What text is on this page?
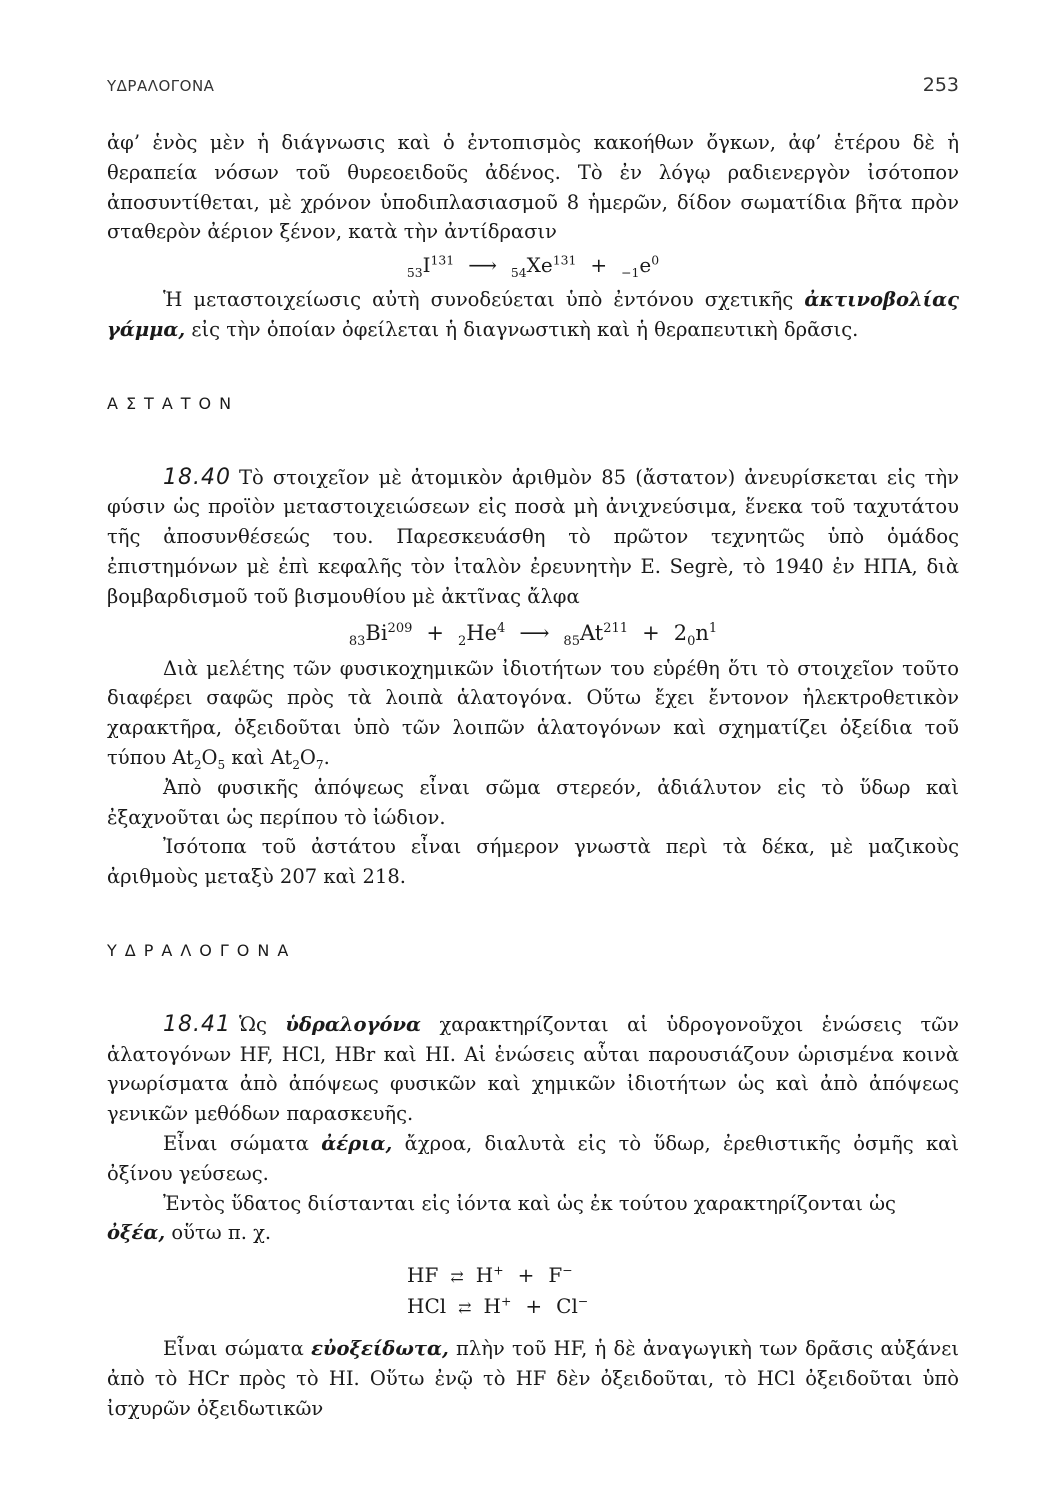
ΥΔΡΑΛΟΓΟΝΑ	253

ἀφ’ ἑνὸς μὲν ἡ διάγνωσις καὶ ὁ ἐντοπισμὸς κακοήθων ὄγκων, ἀφ’ ἑτέρου δὲ ἡ θεραπεία νόσων τοῦ θυρεοειδοῦς ἀδένος. Τὸ ἐν λόγῳ ραδιενεργὸν ἰσότοπον ἀποσυντίθεται, μὲ χρόνον ὑποδιπλασιασμοῦ 8 ἡμερῶν, δίδον σωματίδια βῆτα πρὸν σταθερὸν ἀέριον ξένον, κατὰ τὴν ἀντίδρασιν

$_{53}I^{131}$ ⟶ $_{54}Xe^{131} + _{-1}e^0$

Ἡ μεταστοιχείωσις αὐτὴ συνοδεύεται ὑπὸ ἐντόνου σχετικῆς ἀκτινοβολίας γάμμα, εἰς τὴν ὁποίαν ὀφείλεται ἡ διαγνωστικὴ καὶ ἡ θεραπευτικὴ δρᾶσις.

ΑΣΤΑΤΟΝ

18.40 Τὸ στοιχεῖον μὲ ἀτομικὸν ἀριθμὸν 85 (ἄστατον) ἀνευρίσκεται εἰς τὴν φύσιν ὡς προϊὸν μεταστοιχειώσεων εἰς ποσὰ μὴ ἀνιχνεύσιμα, ἕνεκα τοῦ ταχυτάτου τῆς ἀποσυνθέσεώς του. Παρεσκευάσθη τὸ πρῶτον τεχνητῶς ὑπὸ ὁμάδος ἐπιστημόνων μὲ ἐπὶ κεφαλῆς τὸν ἰταλὸν ἐρευνητὴν E. Segrè, τὸ 1940 ἐν ΗΠΑ, διὰ βομβαρδισμοῦ τοῦ βισμουθίου μὲ ἀκτῖνας ἄλφα

$_{83}Bi^{209} + _2He^4$ ⟶ $_{85}At^{211} + 2_0n^1$

Διὰ μελέτης τῶν φυσικοχημικῶν ἰδιοτήτων του εὑρέθη ὅτι τὸ στοιχεῖον τοῦτο διαφέρει σαφῶς πρὸς τὰ λοιπὰ ἁλατογόνα. Οὕτω ἔχει ἔντονον ἠλεκτροθετικὸν χαρακτῆρα, ὀξειδοῦται ὑπὸ τῶν λοιπῶν ἁλατογόνων καὶ σχηματίζει ὀξείδια τοῦ τύπου $At_2O_5$ καὶ $At_2O_7$.

Ἀπὸ φυσικῆς ἀπόψεως εἶναι σῶμα στερεόν, ἀδιάλυτον εἰς τὸ ὕδωρ καὶ ἐξαχνοῦται ὡς περίπου τὸ ἰώδιον.

Ἰσότοπα τοῦ ἀστάτου εἶναι σήμερον γνωστὰ περὶ τὰ δέκα, μὲ μαζικοὺς ἀριθμοὺς μεταξὺ 207 καὶ 218.

ΥΔΡΑΛΟΓΟΝΑ

18.41 Ὡς ὑδραλογόνα χαρακτηρίζονται αἱ ὑδρογονοῦχοι ἑνώσεις τῶν ἁλατογόνων HF, HCl, HBr καὶ HI. Αἱ ἑνώσεις αὗται παρουσιάζουν ὡρισμένα κοινὰ γνωρίσματα ἀπὸ ἀπόψεως φυσικῶν καὶ χημικῶν ἰδιοτήτων ὡς καὶ ἀπὸ ἀπόψεως γενικῶν μεθόδων παρασκευῆς.

Εἶναι σώματα ἀέρια, ἄχροα, διαλυτὰ εἰς τὸ ὕδωρ, ἐρεθιστικῆς ὀσμῆς καὶ ὀξίνου γεύσεως.

Ἐντὸς ὕδατος διίστανται εἰς ἰόντα καὶ ὡς ἐκ τούτου χαρακτηρίζονται ὡς

ὀξέα, οὕτω π. χ.

HF ⇄ H+ + F−

HCl ⇄ H+ + Cl−

Εἶναι σώματα εὐοξείδωτα, πλὴν τοῦ HF, ἡ δὲ ἀναγωγικὴ των δρᾶσις αὐξάνει ἀπὸ τὸ HCr πρὸς τὸ HI. Οὕτω ἐνῷ τὸ HF δὲν ὀξειδοῦται, τὸ HCl ὀξειδοῦται ὑπὸ ἰσχυρῶν ὀξειδωτικῶν
